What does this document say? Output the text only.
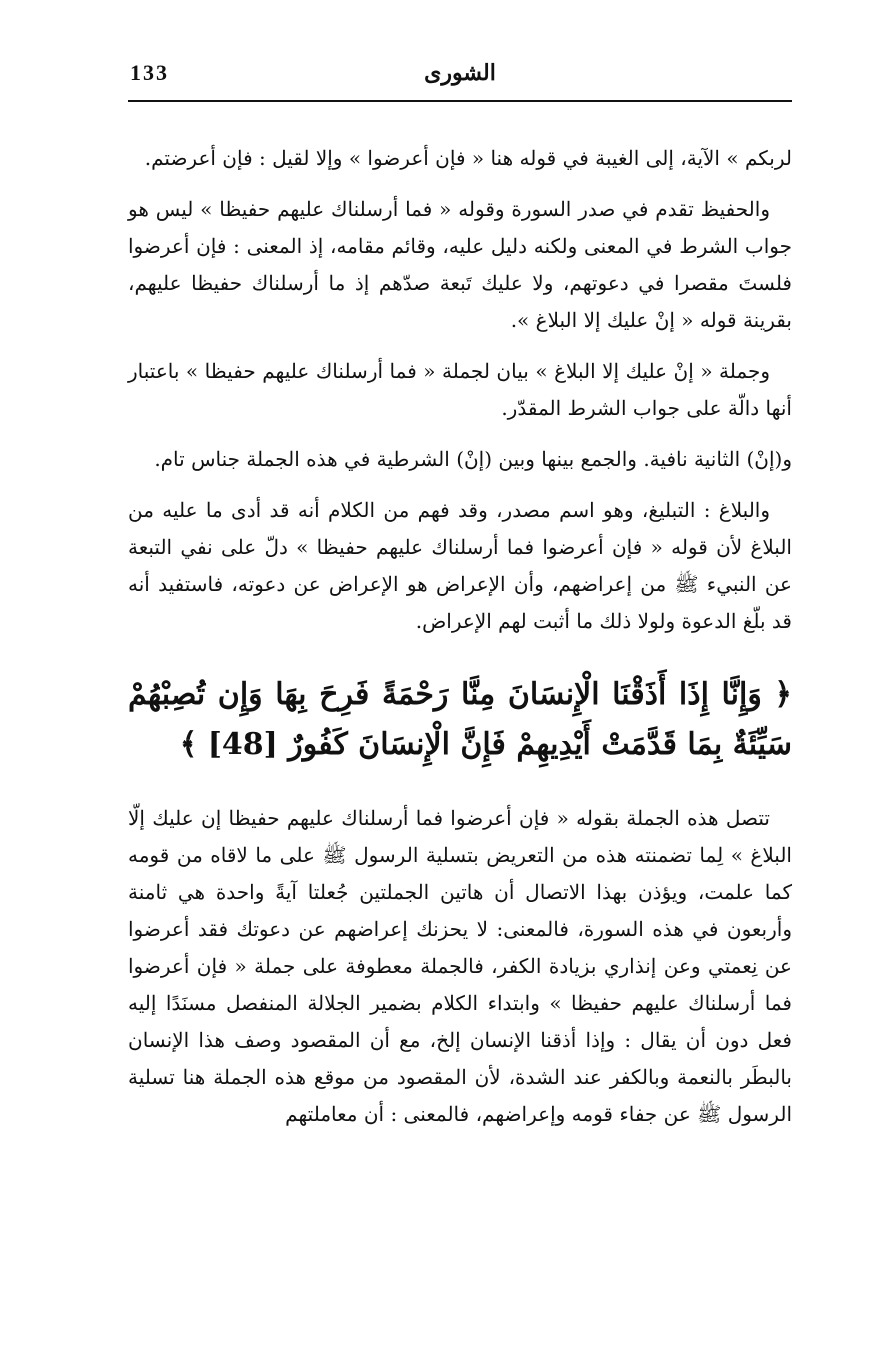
133	الشورى

لربكم » الآية، إلى الغيبة في قوله هنا « فإن أعرضوا » وإلا لقيل : فإن أعرضتم.

والحفيظ تقدم في صدر السورة وقوله « فما أرسلناك عليهم حفيظا » ليس هو جواب الشرط في المعنى ولكنه دليل عليه، وقائم مقامه، إذ المعنى : فإن أعرضوا فلستَ مقصرا في دعوتهم، ولا عليك تَبعة صدّهم إذ ما أرسلناك حفيظا عليهم، بقرينة قوله « إنْ عليك إلا البلاغ ».

وجملة « إنْ عليك إلا البلاغ » بيان لجملة « فما أرسلناك عليهم حفيظا » باعتبار أنها دالّة على جواب الشرط المقدّر.

و(إنْ) الثانية نافية. والجمع بينها وبين (إنْ) الشرطية في هذه الجملة جناس تام.

والبلاغ : التبليغ، وهو اسم مصدر، وقد فهم من الكلام أنه قد أدى ما عليه من البلاغ لأن قوله « فإن أعرضوا فما أرسلناك عليهم حفيظا » دلّ على نفي التبعة عن النبيء ﷺ من إعراضهم، وأن الإعراض هو الإعراض عن دعوته، فاستفيد أنه قد بلّغ الدعوة ولولا ذلك ما أثبت لهم الإعراض.

﴿ وَإِنَّا إِذَا أَذَقْنَا الْإِنسَانَ مِنَّا رَحْمَةً فَرِحَ بِهَا وَإِن تُصِبْهُمْ سَيِّئَةٌ بِمَا قَدَّمَتْ أَيْدِيهِمْ فَإِنَّ الْإِنسَانَ كَفُورٌ [48] ﴾

تتصل هذه الجملة بقوله « فإن أعرضوا فما أرسلناك عليهم حفيظا إن عليك إلّا البلاغ » لِما تضمنته هذه من التعريض بتسلية الرسول ﷺ على ما لاقاه من قومه كما علمت، ويؤذن بهذا الاتصال أن هاتين الجملتين جُعلتا آيةً واحدة هي ثامنة وأربعون في هذه السورة، فالمعنى: لا يحزنك إعراضهم عن دعوتك فقد أعرضوا عن نِعمتي وعن إنذاري بزيادة الكفر، فالجملة معطوفة على جملة « فإن أعرضوا فما أرسلناك عليهم حفيظا » وابتداء الكلام بضمير الجلالة المنفصل مسنَدًا إليه فعل دون أن يقال : وإذا أذقنا الإنسان إلخ، مع أن المقصود وصف هذا الإنسان بالبطَر بالنعمة وبالكفر عند الشدة، لأن المقصود من موقع هذه الجملة هنا تسلية الرسول ﷺ عن جفاء قومه وإعراضهم، فالمعنى : أن معاملتهم
